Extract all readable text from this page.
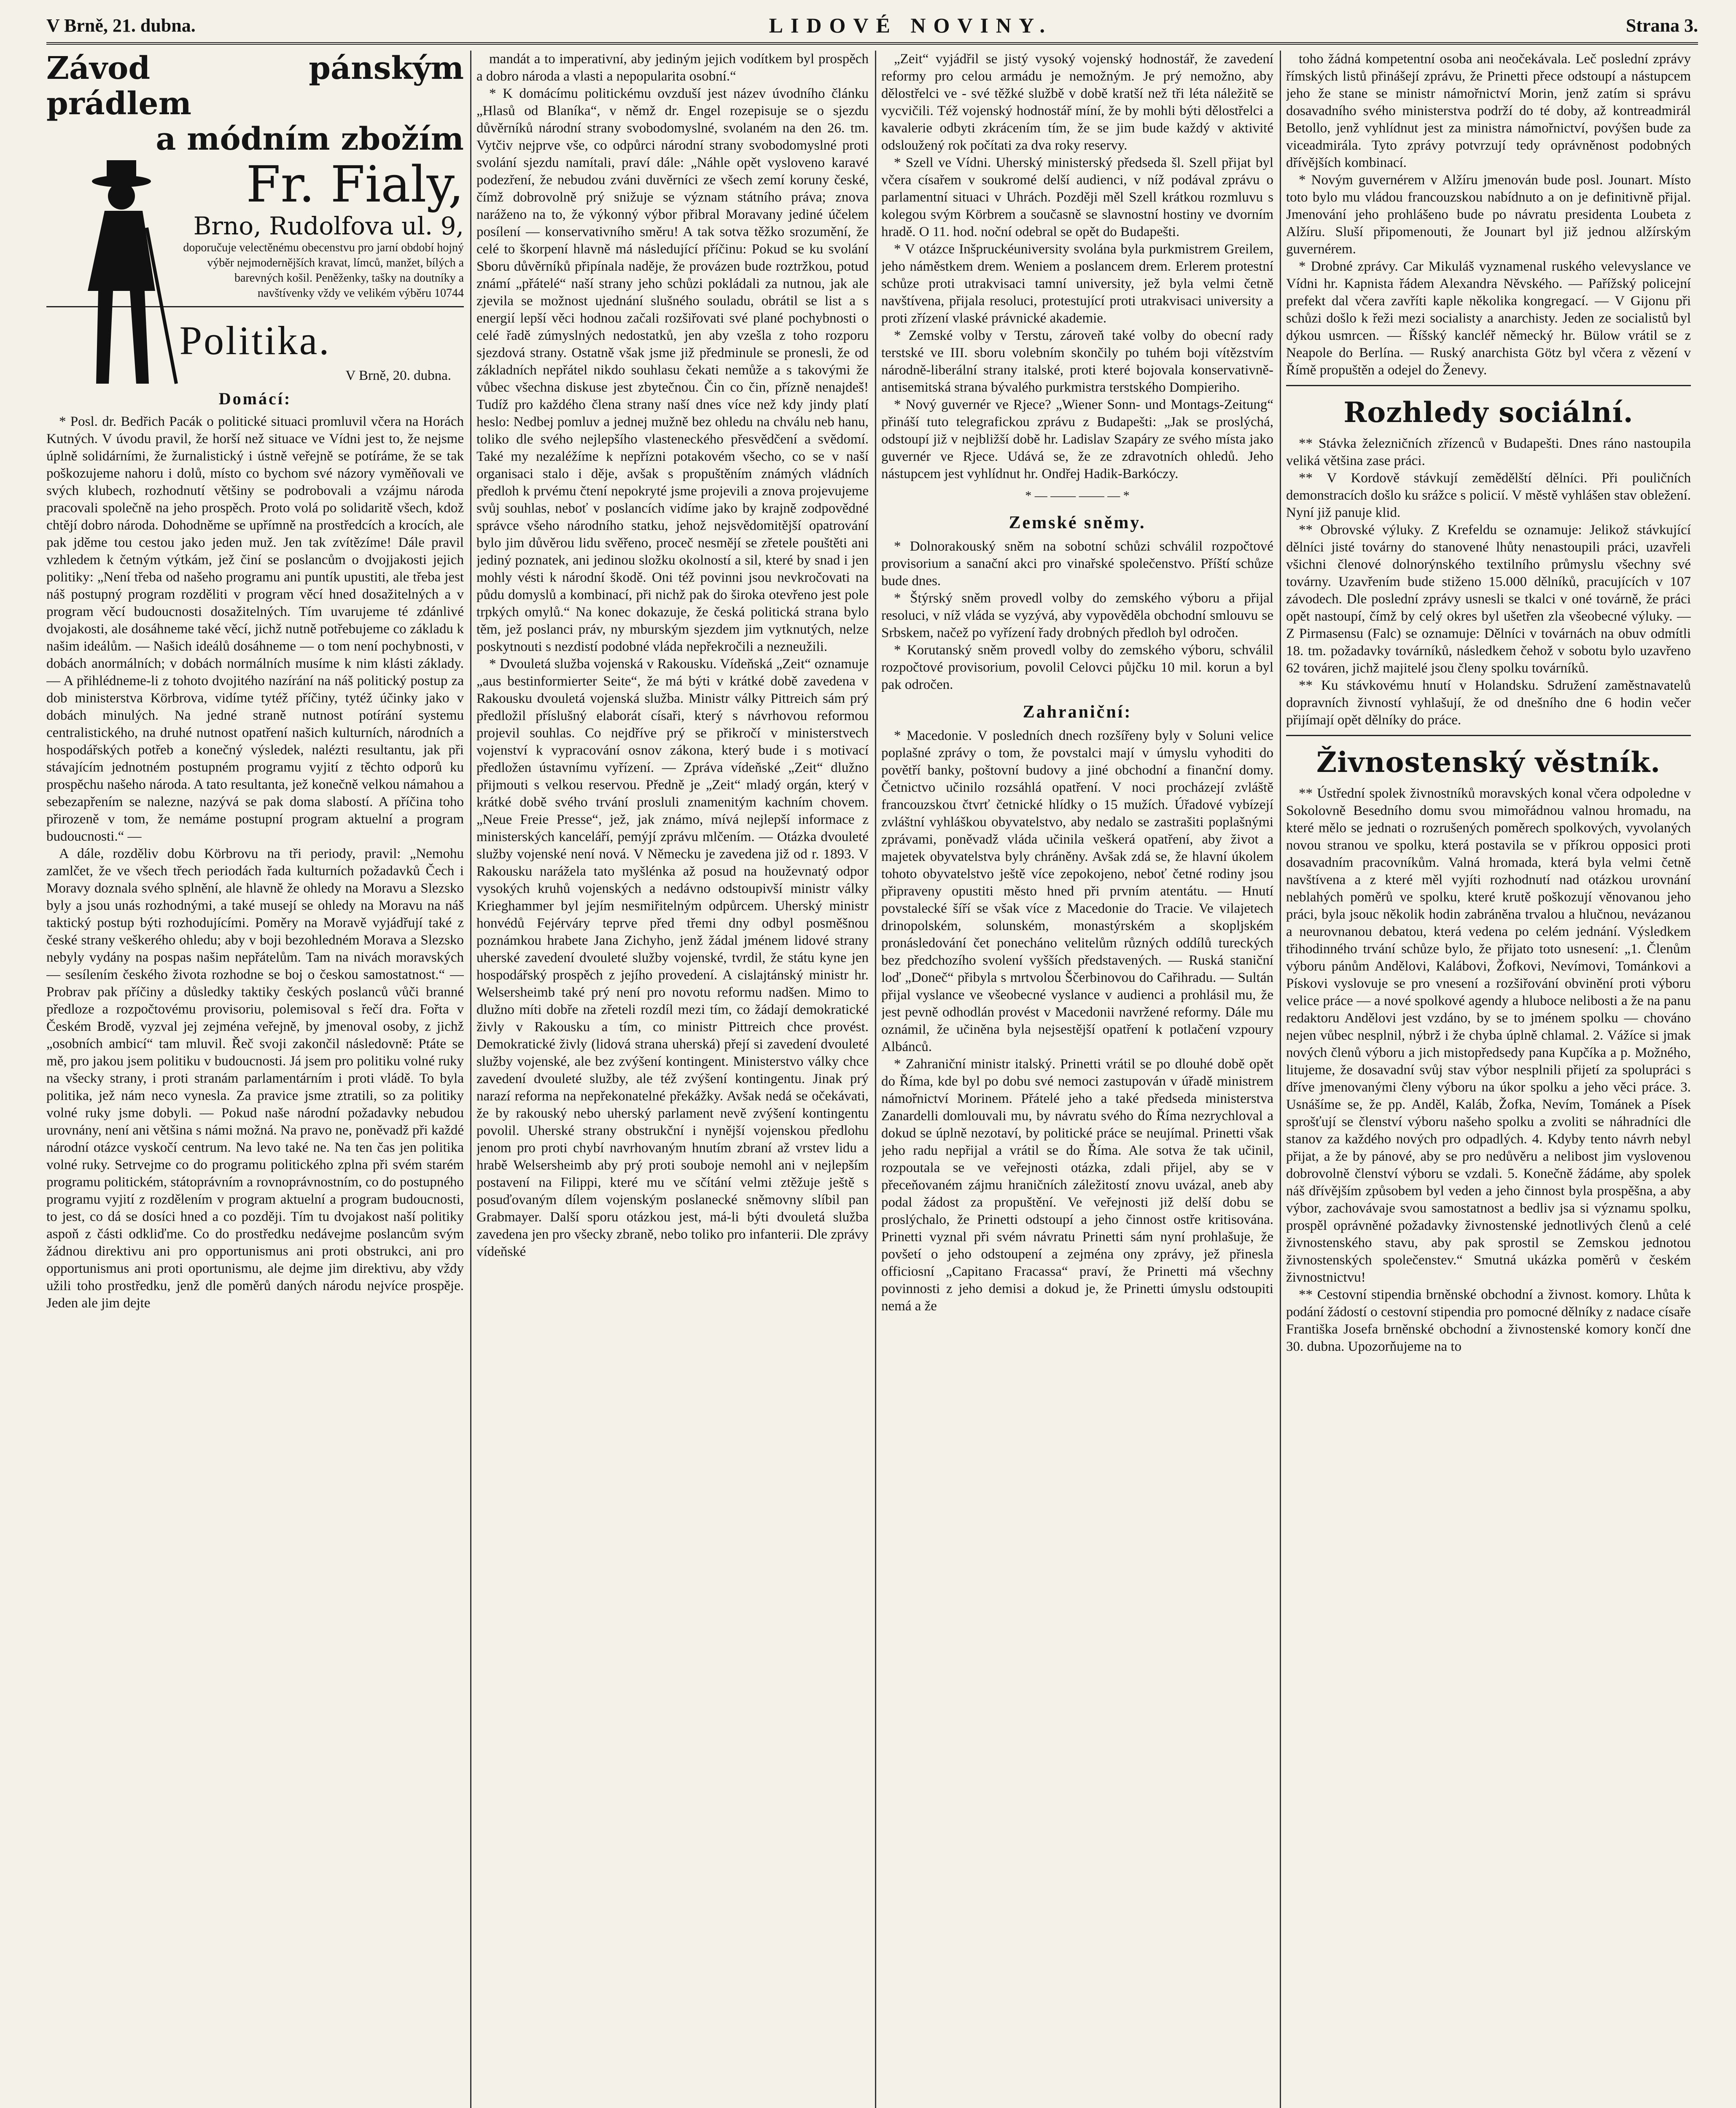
V Brně, 21. dubna.	LIDOVÉ NOVINY.	Strana 3.
Závod pánským prádlem
a módním zbožím
Fr. Fialy,
Brno, Rudolfova ul. 9,
doporučuje velectěnému obecenstvu pro jarní období hojný výběr nejmodernějších kravat, límců, manžet, bílých a barevných košil. Peněženky, tašky na doutníky a navštívenky vždy ve velikém výběru 10744
Politika.
V Brně, 20. dubna.
Domácí:

* Posl. dr. Bedřich Pacák o politické situaci promluvil včera na Horách Kutných. V úvodu pravil, že horší než situace ve Vídni jest to, že nejsme úplně solidárními, že žurnalistický i ústně veřejně se potíráme, že se tak poškozujeme nahoru i dolů, místo co bychom své názory vyměňovali ve svých klubech, rozhodnutí většiny se podrobovali a vzájmu národa pracovali společně na jeho prospěch. Proto volá po solidaritě všech, kdož chtějí dobro národa. Dohodněme se upřímně na prostředcích a krocích, ale pak jděme tou cestou jako jeden muž. Jen tak zvítězíme! Dále pravil vzhledem k četným výtkám, jež činí se poslancům o dvojjakosti jejich politiky: „Není třeba od našeho programu ani puntík upustiti, ale třeba jest náš postupný program rozděliti v program věcí hned dosažitelných a v program věcí budoucnosti dosažitelných. Tím uvarujeme té zdánlivé dvojakosti, ale dosáhneme také věcí, jichž nutně potřebujeme co základu k našim ideálům. — Našich ideálů dosáhneme — o tom není pochybnosti, v dobách anormálních; v dobách normálních musíme k nim klásti základy. — A přihlédneme-li z tohoto dvojitého nazírání na náš politický postup za dob ministerstva Körbrova, vidíme tytéž příčiny, tytéž účinky jako v dobách minulých. Na jedné straně nutnost potírání systemu centralistického, na druhé nutnost opatření našich kulturních, národních a hospodářských potřeb a konečný výsledek, nalézti resultantu, jak při stávajícím jednotném postupném programu vyjití z těchto odporů ku prospěchu našeho národa. A tato resultanta, jež konečně velkou námahou a sebezapřením se nalezne, nazývá se pak doma slabostí. A příčina toho přirozeně v tom, že nemáme postupní program aktuelní a program budoucnosti.“ —

A dále, rozděliv dobu Körbrovu na tři periody, pravil: „Nemohu zamlčet, že ve všech třech periodách řada kulturních požadavků Čech i Moravy doznala svého splnění, ale hlavně že ohledy na Moravu a Slezsko byly a jsou unás rozhodnými, a také musejí se ohledy na Moravu na náš taktický postup býti rozhodujícími. Poměry na Moravě vyjádřují také z české strany veškerého ohledu; aby v boji bezohledném Morava a Slezsko nebyly vydány na pospas našim nepřátelům. Tam na nivách moravských — sesílením českého života rozhodne se boj o českou samostatnost.“ — Probrav pak příčiny a důsledky taktiky českých poslanců vůči branné předloze a rozpočtovému provisoriu, polemisoval s řečí dra. Fořta v Českém Brodě, vyzval jej zejména veřejně, by jmenoval osoby, z jichž „osobních ambicí“ tam mluvil. Řeč svoji zakončil následovně: Ptáte se mě, pro jakou jsem politiku v budoucnosti. Já jsem pro politiku volné ruky na všecky strany, i proti stranám parlamentárním i proti vládě. To byla politika, jež nám neco vynesla. Za pravice jsme ztratili, so za politiky volné ruky jsme dobyli. — Pokud naše národní požadavky nebudou urovnány, není ani většina s námi možná. Na pravo ne, poněvadž při každé národní otázce vyskočí centrum. Na levo také ne. Na ten čas jen politika volné ruky. Setrvejme co do programu politického zplna při svém starém programu politickém, státoprávním a rovnoprávnostním, co do postupného programu vyjití z rozdělením v program aktuelní a program budoucnosti, to jest, co dá se dosíci hned a co později. Tím tu dvojakost naší politiky aspoň z části odkliďme. Co do prostředku nedávejme poslancům svým žádnou direktivu ani pro opportunismus ani proti obstrukci, ani pro opportunismus ani proti oportunismu, ale dejme jim direktivu, aby vždy užili toho prostředku, jenž dle poměrů daných národu nejvíce prospěje. Jeden ale jim dejte

mandát a to imperativní, aby jediným jejich vodítkem byl prospěch a dobro národa a vlasti a nepopularita osobní.“

* K domácímu politickému ovzduší jest název úvodního článku „Hlasů od Blaníka“, v němž dr. Engel rozepisuje se o sjezdu důvěrníků národní strany svobodomyslné, svolaném na den 26. tm. Vytčiv nejprve vše, co odpůrci národní strany svobodomyslné proti svolání sjezdu namítali, praví dále: „Náhle opět vysloveno karavé podezření, že nebudou zváni duvěrníci ze všech zemí koruny české, čímž dobrovolně prý snižuje se význam státního práva; znova naráženo na to, že výkonný výbor přibral Moravany jediné účelem posílení — konservativního směru! A tak sotva těžko srozumění, že celé to škorpení hlavně má následující příčinu: Pokud se ku svolání Sboru důvěrníků připínala naděje, že provázen bude roztržkou, potud známí „přátelé“ naší strany jeho schůzi pokládali za nutnou, jak ale zjevila se možnost ujednání slušného souladu, obrátil se list a s energií lepší věci hodnou začali rozšiřovati své plané pochybnosti o celé řadě zúmyslných nedostatků, jen aby vzešla z toho rozporu sjezdová strany. Ostatně však jsme již předminule se pronesli, že od základních nepřátel nikdo souhlasu čekati nemůže a s takovými že vůbec všechna diskuse jest zbytečnou. Čin co čin, přízně nenajdeš! Tudíž pro každého člena strany naší dnes více než kdy jindy platí heslo: Nedbej pomluv a jednej mužně bez ohledu na chválu neb hanu, toliko dle svého nejlepšího vlasteneckého přesvědčení a svědomí. Také my nezaléžíme k nepřízni potakovém všecho, co se v naší organisaci stalo i děje, avšak s propuštěním známých vládních předloh k prvému čtení nepokryté jsme projevili a znova projevujeme svůj souhlas, neboť v poslancích vidíme jako by krajně zodpovědné správce všeho národního statku, jehož nejsvědomitější opatrování bylo jim důvěrou lidu svěřeno, proceč nesmějí se zřetele pouštěti ani jediný poznatek, ani jedinou složku okolností a sil, které by snad i jen mohly vésti k národní škodě. Oni též povinni jsou nevkročovati na půdu domyslů a kombinací, při nichž pak do široka otevřeno jest pole trpkých omylů.“ Na konec dokazuje, že česká politická strana bylo těm, jež poslanci práv, ny mburským sjezdem jim vytknutých, nelze poskytnouti s nezdistí podobné vláda nepřekročili a nezneužili.

* Dvouletá služba vojenská v Rakousku. Vídeňská „Zeit“ oznamuje „aus bestinformierter Seite“, že má býti v krátké době zavedena v Rakousku dvouletá vojenská služba. Ministr války Pittreich sám prý předložil příslušný elaborát císaři, který s návrhovou reformou projevil souhlas. Co nejdříve prý se přikročí v ministerstvech vojenství k vypracování osnov zákona, který bude i s motivací předložen ústavnímu vyřízení. — Zpráva vídeňské „Zeit“ dlužno přijmouti s velkou reservou. Předně je „Zeit“ mladý orgán, který v krátké době svého trvání prosluli znamenitým kachním chovem. „Neue Freie Presse“, jež, jak známo, mívá nejlepší informace z ministerských kanceláří, pemýjí zprávu mlčením. — Otázka dvouleté služby vojenské není nová. V Německu je zavedena již od r. 1893. V Rakousku narážela tato myšlénka až posud na houževnatý odpor vysokých kruhů vojenských a nedávno odstoupivší ministr války Krieghammer byl jejím nesmiřitelným odpůrcem. Uherský ministr honvédů Fejérváry teprve před třemi dny odbyl posměšnou poznámkou hrabete Jana Zichyho, jenž žádal jménem lidové strany uherské zavedení dvouleté služby vojenské, tvrdil, že státu kyne jen hospodářský prospěch z jejího provedení. A cislajtánský ministr hr. Welsersheimb také prý není pro novotu reformu nadšen. Mimo to dlužno míti dobře na zřeteli rozdíl mezi tím, co žádají demokratické živly v Rakousku a tím, co ministr Pittreich chce provést. Demokratické živly (lidová strana uherská) přejí si zavedení dvouleté služby vojenské, ale bez zvýšení kontingent. Ministerstvo války chce zavedení dvouleté služby, ale též zvýšení kontingentu. Jinak prý narazí reforma na nepřekonatelné překážky. Avšak nedá se očekávati, že by rakouský nebo uherský parlament nevě zvýšení kontingentu povolil. Uherské strany obstrukční i nynější vojenskou předlohu jenom pro proti chybí navrhovaným hnutím zbraní až vrstev lidu a hrabě Welsersheimb aby prý proti souboje nemohl ani v nejlepším postavení na Filippi, které mu ve sčítání velmi ztěžuje ještě s posuďovaným dílem vojenským poslanecké sněmovny slíbil pan Grabmayer. Další sporu otázkou jest, má-li býti dvouletá služba zavedena jen pro všecky zbraně, nebo toliko pro infanterii. Dle zprávy vídeňské

„Zeit“ vyjádřil se jistý vysoký vojenský hodnostář, že zavedení reformy pro celou armádu je nemožným. Je prý nemožno, aby dělostřelci ve - své těžké službě v době kratší než tři léta náležitě se vycvičili. Též vojenský hodnostář míní, že by mohli býti dělostřelci a kavalerie odbyti zkrácením tím, že se jim bude každý v aktivité odsloužený rok počítati za dva roky reservy.

* Szell ve Vídni. Uherský ministerský předseda šl. Szell přijat byl včera císařem v soukromé delší audienci, v níž podával zprávu o parlamentní situaci v Uhrách. Později měl Szell krátkou rozmluvu s kolegou svým Körbrem a současně se slavnostní hostiny ve dvorním hradě. O 11. hod. noční odebral se opět do Budapešti.

* V otázce Inšpruckéuniversity svolána byla purkmistrem Greilem, jeho náměstkem drem. Weniem a poslancem drem. Erlerem protestní schůze proti utrakvisaci tamní university, jež byla velmi četně navštívena, přijala resoluci, protestující proti utrakvisaci university a proti zřízení vlaské právnické akademie.

* Zemské volby v Terstu, zároveň také volby do obecní rady terstské ve III. sboru volebním skončily po tuhém boji vítězstvím národně-liberální strany italské, proti které bojovala konservativně-antisemitská strana bývalého purkmistra terstského Dompieriho.

* Nový guvernér ve Rjece? „Wiener Sonn- und Montags-Zeitung“ přináší tuto telegrafickou zprávu z Budapešti: „Jak se proslýchá, odstoupí již v nejbližší době hr. Ladislav Szapáry ze svého místa jako guvernér ve Rjece. Udává se, že ze zdravotních ohledů. Jeho nástupcem jest vyhlídnut hr. Ondřej Hadik-Barkóczy.

* — —— —— — *
Zemské sněmy.

* Dolnorakouský sněm na sobotní schůzi schválil rozpočtové provisorium a sanační akci pro vinařské společenstvo. Příští schůze bude dnes.

* Štýrský sněm provedl volby do zemského výboru a přijal resoluci, v níž vláda se vyzývá, aby vypověděla obchodní smlouvu se Srbskem, načež po vyřízení řady drobných předloh byl odročen.

* Korutanský sněm provedl volby do zemského výboru, schválil rozpočtové provisorium, povolil Celovci půjčku 10 mil. korun a byl pak odročen.

Zahraniční:

* Macedonie. V posledních dnech rozšířeny byly v Soluni velice poplašné zprávy o tom, že povstalci mají v úmyslu vyhoditi do povětří banky, poštovní budovy a jiné obchodní a finanční domy. Četnictvo učinilo rozsáhlá opatření. V noci procházejí zvláště francouzskou čtvrť četnické hlídky o 15 mužích. Úřadové vybízejí zvláštní vyhláškou obyvatelstvo, aby nedalo se zastrašiti poplašnými zprávami, poněvadž vláda učinila veškerá opatření, aby život a majetek obyvatelstva byly chráněny. Avšak zdá se, že hlavní úkolem tohoto obyvatelstvo ještě více zepokojeno, neboť četné rodiny jsou připraveny opustiti město hned při prvním atentátu. — Hnutí povstalecké šíří se však více z Macedonie do Tracie. Ve vilajetech drinopolském, solunském, monastýrském a skopljském pronásledování čet ponecháno velitelům různých oddílů tureckých bez předchozího svolení vyšších představených. — Ruská staniční loď „Doneč“ přibyla s mrtvolou Ščerbinovou do Cařihradu. — Sultán přijal vyslance ve všeobecné vyslance v audienci a prohlásil mu, že jest pevně odhodlán provést v Macedonii navržené reformy. Dále mu oznámil, že učiněna byla nejsestější opatření k potlačení vzpoury Albánců.

* Zahraniční ministr italský. Prinetti vrátil se po dlouhé době opět do Říma, kde byl po dobu své nemoci zastupován v úřadě ministrem námořnictví Morinem. Přátelé jeho a také předseda ministerstva Zanardelli domlouvali mu, by návratu svého do Říma nezrychloval a dokud se úplně nezotaví, by politické práce se neujímal. Prinetti však jeho radu nepřijal a vrátil se do Říma. Ale sotva že tak učinil, rozpoutala se ve veřejnosti otázka, zdali přijel, aby se v přeceňovaném zájmu hraničních záležitostí znovu uvázal, aneb aby podal žádost za propuštění. Ve veřejnosti již delší dobu se proslýchalo, že Prinetti odstoupí a jeho činnost ostře kritisována. Prinetti vyznal při svém návratu Prinetti sám nyní prohlašuje, že povšetí o jeho odstoupení a zejména ony zprávy, jež přinesla officiosní „Capitano Fracassa“ praví, že Prinetti má všechny povinnosti z jeho demisi a dokud je, že Prinetti úmyslu odstoupiti nemá a že

toho žádná kompetentní osoba ani neočekávala. Leč poslední zprávy římských listů přinášejí zprávu, že Prinetti přece odstoupí a nástupcem jeho že stane se ministr námořnictví Morin, jenž zatím si správu dosavadního svého ministerstva podrží do té doby, až kontreadmirál Betollo, jenž vyhlídnut jest za ministra námořnictví, povýšen bude za viceadmirála. Tyto zprávy potvrzují tedy oprávněnost podobných dřívějších kombinací.

* Novým guvernérem v Alžíru jmenován bude posl. Jounart. Místo toto bylo mu vládou francouzskou nabídnuto a on je definitivně přijal. Jmenování jeho prohlášeno bude po návratu presidenta Loubeta z Alžíru. Sluší připomenouti, že Jounart byl již jednou alžírským guvernérem.

* Drobné zprávy. Car Mikuláš vyznamenal ruského velevyslance ve Vídni hr. Kapnista řádem Alexandra Něvského. — Pařížský policejní prefekt dal včera zavříti kaple několika kongregací. — V Gijonu při schůzi došlo k řeži mezi socialisty a anarchisty. Jeden ze socialistů byl dýkou usmrcen. — Říšský kancléř německý hr. Bülow vrátil se z Neapole do Berlína. — Ruský anarchista Götz byl včera z vězení v Římě propuštěn a odejel do Ženevy.

Rozhledy sociální.

** Stávka železničních zřízenců v Budapešti. Dnes ráno nastoupila veliká většina zase práci.

** V Kordově stávkují zemědělští dělníci. Při pouličních demonstracích došlo ku srážce s policií. V městě vyhlášen stav obležení. Nyní již panuje klid.

** Obrovské výluky. Z Krefeldu se oznamuje: Jelikož stávkující dělníci jisté továrny do stanovené lhůty nenastoupili práci, uzavřeli všichni členové dolnorýnského textilního průmyslu všechny své továrny. Uzavřením bude stiženo 15.000 dělníků, pracujících v 107 závodech. Dle poslední zprávy usnesli se tkalci v oné továrně, že práci opět nastoupí, čímž by celý okres byl ušetřen zla všeobecné výluky. — Z Pirmasensu (Falc) se oznamuje: Dělníci v továrnách na obuv odmítli 18. tm. požadavky továrníků, následkem čehož v sobotu bylo uzavřeno 62 továren, jichž majitelé jsou členy spolku továrníků.

** Ku stávkovému hnutí v Holandsku. Sdružení zaměstnavatelů dopravních živností vyhlašují, že od dnešního dne 6 hodin večer přijímají opět dělníky do práce.

Živnostenský věstník.

** Ústřední spolek živnostníků moravských konal včera odpoledne v Sokolovně Besedního domu svou mimořádnou valnou hromadu, na které mělo se jednati o rozrušených poměrech spolkových, vyvolaných novou stranou ve spolku, která postavila se v příkrou opposici proti dosavadním pracovníkům. Valná hromada, která byla velmi četně navštívena a z které měl vyjíti rozhodnutí nad otázkou urovnání neblahých poměrů ve spolku, které krutě poškozují věnovanou jeho práci, byla jsouc několik hodin zabráněna trvalou a hlučnou, nevázanou a neurovnanou debatou, která vedena po celém jednání. Výsledkem třihodinného trvání schůze bylo, že přijato toto usnesení: „1. Členům výboru pánům Andělovi, Kalábovi, Žofkovi, Nevímovi, Tománkovi a Pískovi vyslovuje se pro vnesení a rozšiřování obvinění proti výboru velice práce — a nové spolkové agendy a hluboce nelibosti a že na panu redaktoru Andělovi jest vzdáno, by se to jménem spolku — chováno nejen vůbec nesplnil, nýbrž i že chyba úplně chlamal. 2. Vážíce si jmak nových členů výboru a jich mistopředsedy pana Kupčíka a p. Možného, litujeme, že dosavadní svůj stav výbor nesplnili přijetí za spolupráci s dříve jmenovanými členy výboru na úkor spolku a jeho věci práce. 3. Usnášíme se, že pp. Anděl, Kaláb, Žofka, Nevím, Tománek a Písek sprošťují se členství výboru našeho spolku a zvoliti se náhradníci dle stanov za každého nových pro odpadlých. 4. Kdyby tento návrh nebyl přijat, a že by pánové, aby se pro nedůvěru a nelibost jim vyslovenou dobrovolně členství výboru se vzdali. 5. Konečně žádáme, aby spolek náš dřívějším způsobem byl veden a jeho činnost byla prospěšna, a aby výbor, zachovávaje svou samostatnost a bedliv jsa si významu spolku, prospěl oprávněné požadavky živnostenské jednotlivých členů a celé živnostenského stavu, aby pak sprostil se Zemskou jednotou živnostenských společenstev.“ Smutná ukázka poměrů v českém živnostnictvu!

** Cestovní stipendia brněnské obchodní a živnost. komory. Lhůta k podání žádostí o cestovní stipendia pro pomocné dělníky z nadace císaře Františka Josefa brněnské obchodní a živnostenské komory končí dne 30. dubna. Upozorňujeme na to
